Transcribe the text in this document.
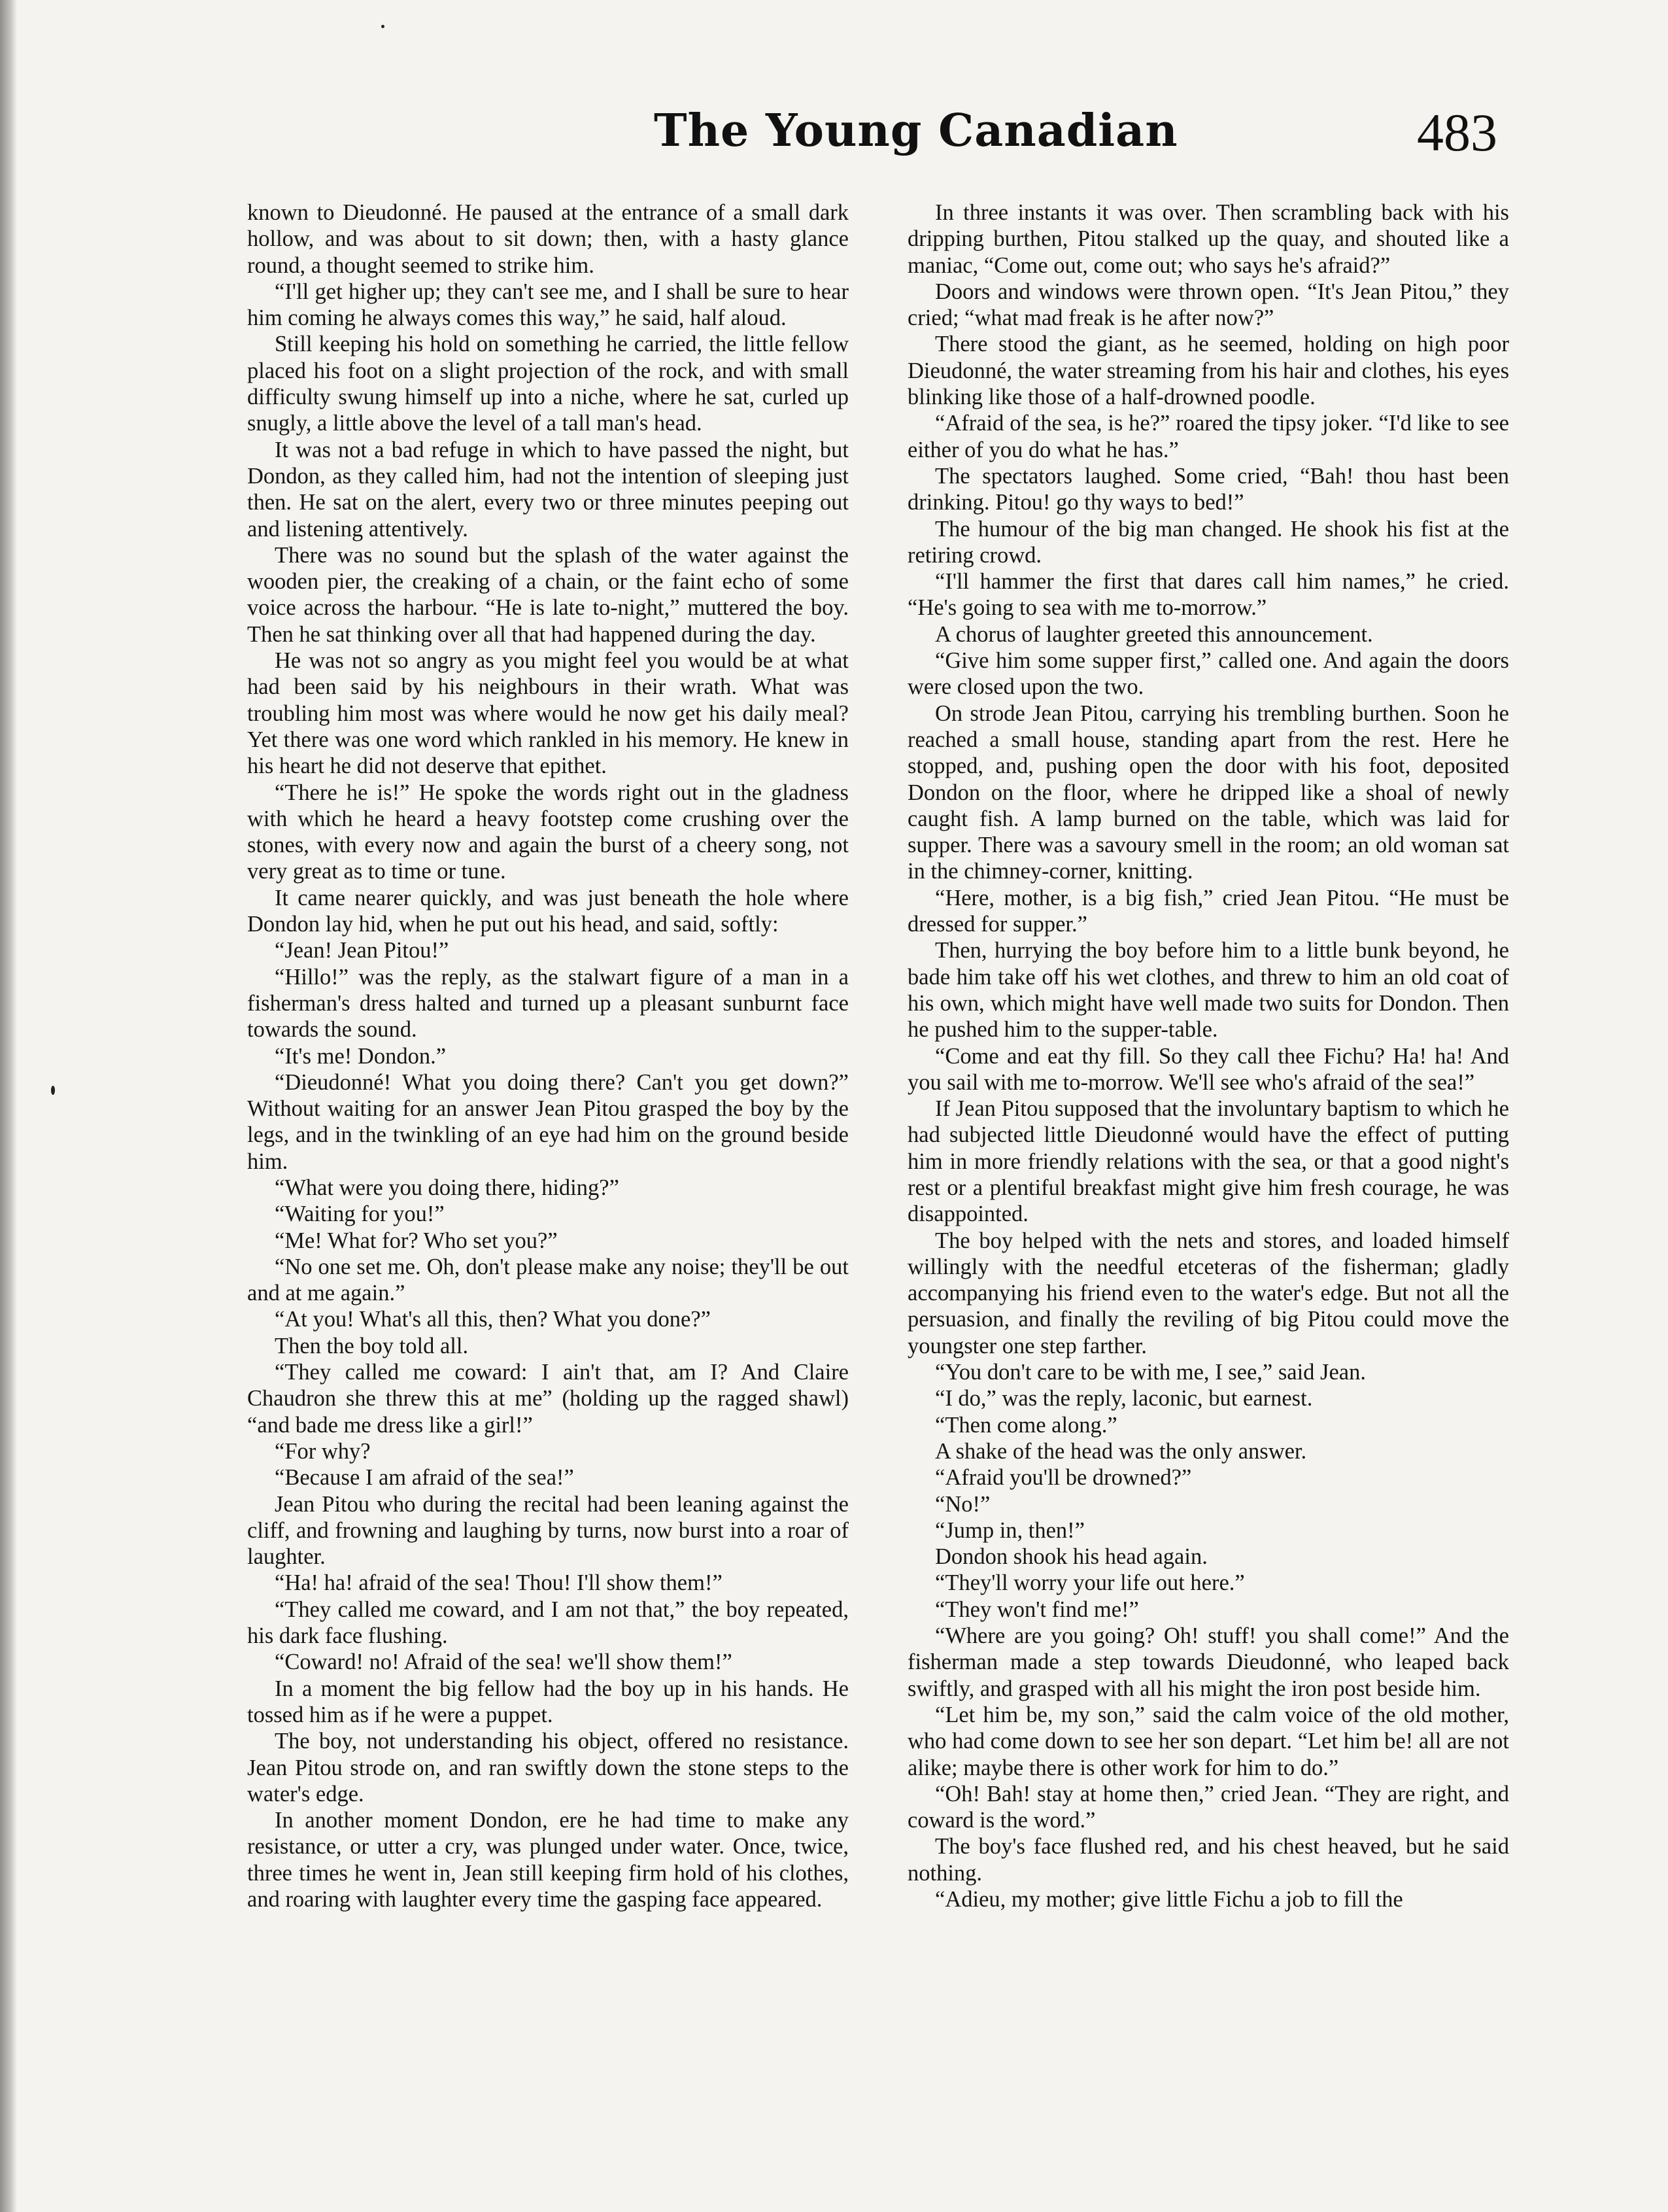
The Young Canadian	483

known to Dieudonné. He paused at the entrance of a small dark hollow, and was about to sit down; then, with a hasty glance round, a thought seemed to strike him.

“I'll get higher up; they can't see me, and I shall be sure to hear him coming he always comes this way,” he said, half aloud.

Still keeping his hold on something he carried, the little fellow placed his foot on a slight projection of the rock, and with small difficulty swung himself up into a niche, where he sat, curled up snugly, a little above the level of a tall man's head.

It was not a bad refuge in which to have passed the night, but Dondon, as they called him, had not the intention of sleeping just then. He sat on the alert, every two or three minutes peeping out and listening attentively.

There was no sound but the splash of the water against the wooden pier, the creaking of a chain, or the faint echo of some voice across the harbour. “He is late to-night,” muttered the boy. Then he sat thinking over all that had happened during the day.

He was not so angry as you might feel you would be at what had been said by his neighbours in their wrath. What was troubling him most was where would he now get his daily meal? Yet there was one word which rankled in his memory. He knew in his heart he did not deserve that epithet.

“There he is!” He spoke the words right out in the gladness with which he heard a heavy footstep come crushing over the stones, with every now and again the burst of a cheery song, not very great as to time or tune.

It came nearer quickly, and was just beneath the hole where Dondon lay hid, when he put out his head, and said, softly:

“Jean! Jean Pitou!”

“Hillo!” was the reply, as the stalwart figure of a man in a fisherman's dress halted and turned up a pleasant sunburnt face towards the sound.

“It's me! Dondon.”

“Dieudonné! What you doing there? Can't you get down?” Without waiting for an answer Jean Pitou grasped the boy by the legs, and in the twinkling of an eye had him on the ground beside him.

“What were you doing there, hiding?”

“Waiting for you!”

“Me! What for? Who set you?”

“No one set me. Oh, don't please make any noise; they'll be out and at me again.”

“At you! What's all this, then? What you done?”

Then the boy told all.

“They called me coward: I ain't that, am I? And Claire Chaudron she threw this at me” (holding up the ragged shawl) “and bade me dress like a girl!”

“For why?

“Because I am afraid of the sea!”

Jean Pitou who during the recital had been leaning against the cliff, and frowning and laughing by turns, now burst into a roar of laughter.

“Ha! ha! afraid of the sea! Thou! I'll show them!”

“They called me coward, and I am not that,” the boy repeated, his dark face flushing.

“Coward! no! Afraid of the sea! we'll show them!”

In a moment the big fellow had the boy up in his hands. He tossed him as if he were a puppet.

The boy, not understanding his object, offered no resistance. Jean Pitou strode on, and ran swiftly down the stone steps to the water's edge.

In another moment Dondon, ere he had time to make any resistance, or utter a cry, was plunged under water. Once, twice, three times he went in, Jean still keeping firm hold of his clothes, and roaring with laughter every time the gasping face appeared.

In three instants it was over. Then scrambling back with his dripping burthen, Pitou stalked up the quay, and shouted like a maniac, “Come out, come out; who says he's afraid?”

Doors and windows were thrown open. “It's Jean Pitou,” they cried; “what mad freak is he after now?”

There stood the giant, as he seemed, holding on high poor Dieudonné, the water streaming from his hair and clothes, his eyes blinking like those of a half-drowned poodle.

“Afraid of the sea, is he?” roared the tipsy joker. “I'd like to see either of you do what he has.”

The spectators laughed. Some cried, “Bah! thou hast been drinking. Pitou! go thy ways to bed!”

The humour of the big man changed. He shook his fist at the retiring crowd.

“I'll hammer the first that dares call him names,” he cried. “He's going to sea with me to-morrow.”

A chorus of laughter greeted this announcement.

“Give him some supper first,” called one. And again the doors were closed upon the two.

On strode Jean Pitou, carrying his trembling burthen. Soon he reached a small house, standing apart from the rest. Here he stopped, and, pushing open the door with his foot, deposited Dondon on the floor, where he dripped like a shoal of newly caught fish. A lamp burned on the table, which was laid for supper. There was a savoury smell in the room; an old woman sat in the chimney-corner, knitting.

“Here, mother, is a big fish,” cried Jean Pitou. “He must be dressed for supper.”

Then, hurrying the boy before him to a little bunk beyond, he bade him take off his wet clothes, and threw to him an old coat of his own, which might have well made two suits for Dondon. Then he pushed him to the supper-table.

“Come and eat thy fill. So they call thee Fichu? Ha! ha! And you sail with me to-morrow. We'll see who's afraid of the sea!”

If Jean Pitou supposed that the involuntary baptism to which he had subjected little Dieudonné would have the effect of putting him in more friendly relations with the sea, or that a good night's rest or a plentiful breakfast might give him fresh courage, he was disappointed.

The boy helped with the nets and stores, and loaded himself willingly with the needful etceteras of the fisherman; gladly accompanying his friend even to the water's edge. But not all the persuasion, and finally the reviling of big Pitou could move the youngster one step farther.

“You don't care to be with me, I see,” said Jean.

“I do,” was the reply, laconic, but earnest.

“Then come along.”

A shake of the head was the only answer.

“Afraid you'll be drowned?”

“No!”

“Jump in, then!”

Dondon shook his head again.

“They'll worry your life out here.”

“They won't find me!”

“Where are you going? Oh! stuff! you shall come!” And the fisherman made a step towards Dieudonné, who leaped back swiftly, and grasped with all his might the iron post beside him.

“Let him be, my son,” said the calm voice of the old mother, who had come down to see her son depart. “Let him be! all are not alike; maybe there is other work for him to do.”

“Oh! Bah! stay at home then,” cried Jean. “They are right, and coward is the word.”

The boy's face flushed red, and his chest heaved, but he said nothing.

“Adieu, my mother; give little Fichu a job to fill the
